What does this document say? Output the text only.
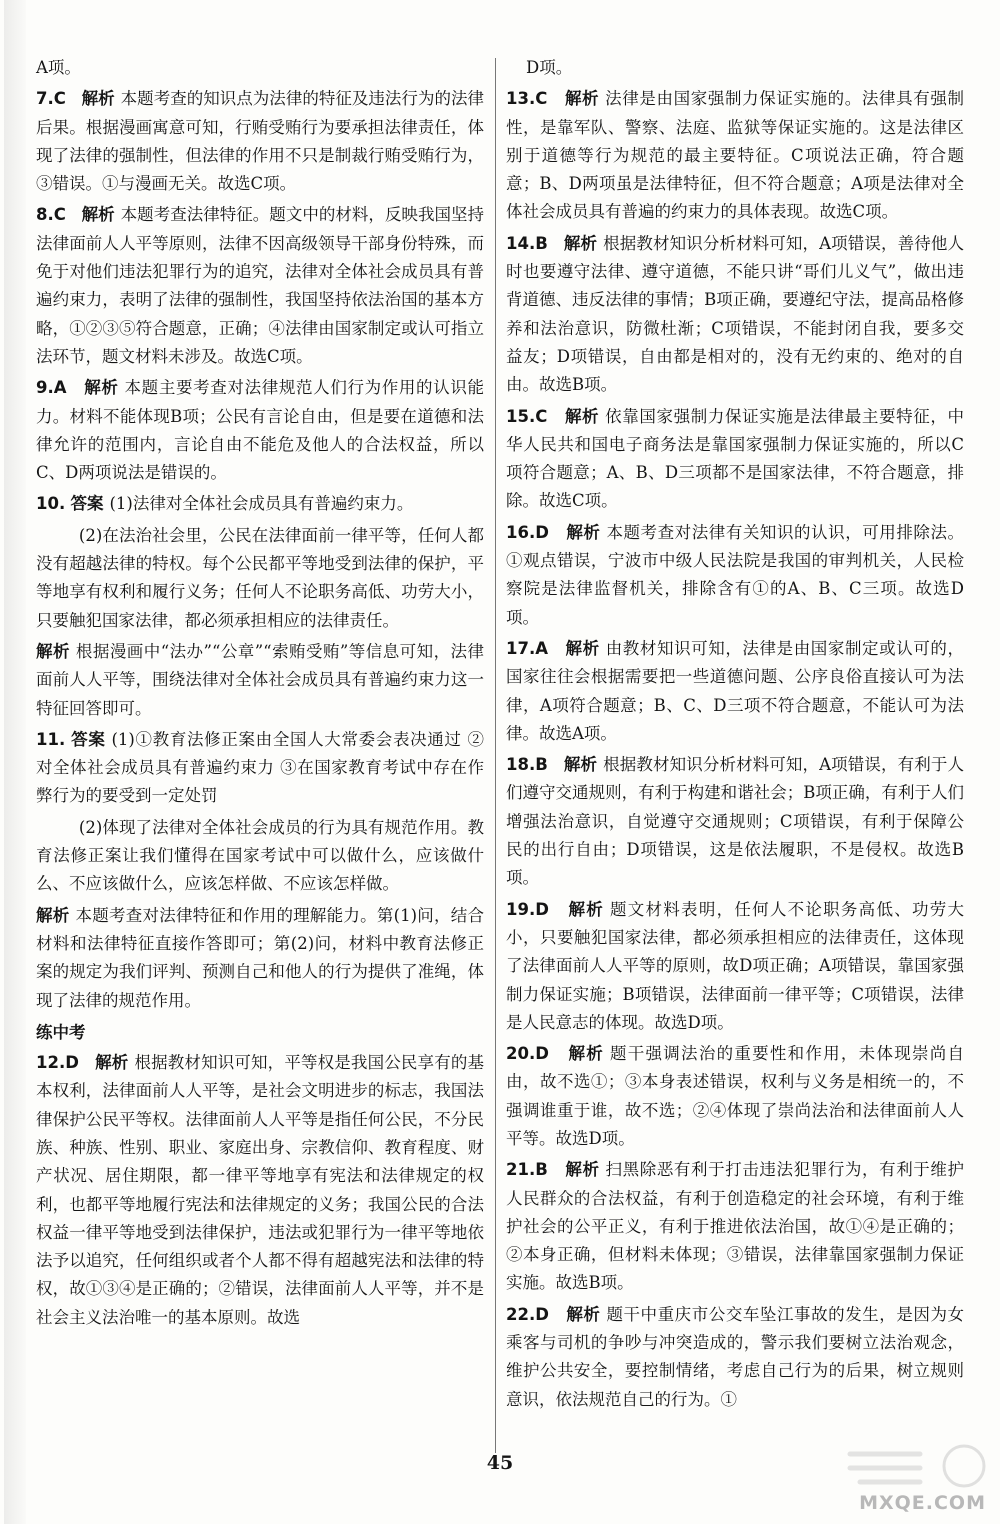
A项。

7.C 解析 本题考查的知识点为法律的特征及违法行为的法律后果。根据漫画寓意可知，行贿受贿行为要承担法律责任，体现了法律的强制性，但法律的作用不只是制裁行贿受贿行为，③错误。①与漫画无关。故选C项。

8.C 解析 本题考查法律特征。题文中的材料，反映我国坚持法律面前人人平等原则，法律不因高级领导干部身份特殊，而免于对他们违法犯罪行为的追究，法律对全体社会成员具有普遍约束力，表明了法律的强制性，我国坚持依法治国的基本方略，①②③⑤符合题意，正确；④法律由国家制定或认可指立法环节，题文材料未涉及。故选C项。

9.A 解析 本题主要考查对法律规范人们行为作用的认识能力。材料不能体现B项；公民有言论自由，但是要在道德和法律允许的范围内，言论自由不能危及他人的合法权益，所以C、D两项说法是错误的。

10. 答案 (1)法律对全体社会成员具有普遍约束力。

(2)在法治社会里，公民在法律面前一律平等，任何人都没有超越法律的特权。每个公民都平等地受到法律的保护，平等地享有权利和履行义务；任何人不论职务高低、功劳大小，只要触犯国家法律，都必须承担相应的法律责任。

解析 根据漫画中“法办”“公章”“索贿受贿”等信息可知，法律面前人人平等，围绕法律对全体社会成员具有普遍约束力这一特征回答即可。

11. 答案 (1)①教育法修正案由全国人大常委会表决通过 ②对全体社会成员具有普遍约束力 ③在国家教育考试中存在作弊行为的要受到一定处罚

(2)体现了法律对全体社会成员的行为具有规范作用。教育法修正案让我们懂得在国家考试中可以做什么，应该做什么、不应该做什么，应该怎样做、不应该怎样做。

解析 本题考查对法律特征和作用的理解能力。第(1)问，结合材料和法律特征直接作答即可；第(2)问，材料中教育法修正案的规定为我们评判、预测自己和他人的行为提供了准绳，体现了法律的规范作用。

练中考

12.D 解析 根据教材知识可知，平等权是我国公民享有的基本权利，法律面前人人平等，是社会文明进步的标志，我国法律保护公民平等权。法律面前人人平等是指任何公民，不分民族、种族、性别、职业、家庭出身、宗教信仰、教育程度、财产状况、居住期限，都一律平等地享有宪法和法律规定的权利，也都平等地履行宪法和法律规定的义务；我国公民的合法权益一律平等地受到法律保护，违法或犯罪行为一律平等地依法予以追究，任何组织或者个人都不得有超越宪法和法律的特权，故①③④是正确的；②错误，法律面前人人平等，并不是社会主义法治唯一的基本原则。故选

D项。

13.C 解析 法律是由国家强制力保证实施的。法律具有强制性，是靠军队、警察、法庭、监狱等保证实施的。这是法律区别于道德等行为规范的最主要特征。C项说法正确，符合题意；B、D两项虽是法律特征，但不符合题意；A项是法律对全体社会成员具有普遍的约束力的具体表现。故选C项。

14.B 解析 根据教材知识分析材料可知，A项错误，善待他人时也要遵守法律、遵守道德，不能只讲“哥们儿义气”，做出违背道德、违反法律的事情；B项正确，要遵纪守法，提高品格修养和法治意识，防微杜渐；C项错误，不能封闭自我，要多交益友；D项错误，自由都是相对的，没有无约束的、绝对的自由。故选B项。

15.C 解析 依靠国家强制力保证实施是法律最主要特征，中华人民共和国电子商务法是靠国家强制力保证实施的，所以C项符合题意；A、B、D三项都不是国家法律，不符合题意，排除。故选C项。

16.D 解析 本题考查对法律有关知识的认识，可用排除法。①观点错误，宁波市中级人民法院是我国的审判机关，人民检察院是法律监督机关，排除含有①的A、B、C三项。故选D项。

17.A 解析 由教材知识可知，法律是由国家制定或认可的，国家往往会根据需要把一些道德问题、公序良俗直接认可为法律，A项符合题意；B、C、D三项不符合题意，不能认可为法律。故选A项。

18.B 解析 根据教材知识分析材料可知，A项错误，有利于人们遵守交通规则，有利于构建和谐社会；B项正确，有利于人们增强法治意识，自觉遵守交通规则；C项错误，有利于保障公民的出行自由；D项错误，这是依法履职，不是侵权。故选B项。

19.D 解析 题文材料表明，任何人不论职务高低、功劳大小，只要触犯国家法律，都必须承担相应的法律责任，这体现了法律面前人人平等的原则，故D项正确；A项错误，靠国家强制力保证实施；B项错误，法律面前一律平等；C项错误，法律是人民意志的体现。故选D项。

20.D 解析 题干强调法治的重要性和作用，未体现崇尚自由，故不选①；③本身表述错误，权利与义务是相统一的，不强调谁重于谁，故不选；②④体现了崇尚法治和法律面前人人平等。故选D项。

21.B 解析 扫黑除恶有利于打击违法犯罪行为，有利于维护人民群众的合法权益，有利于创造稳定的社会环境，有利于维护社会的公平正义，有利于推进依法治国，故①④是正确的；②本身正确，但材料未体现；③错误，法律靠国家强制力保证实施。故选B项。

22.D 解析 题干中重庆市公交车坠江事故的发生，是因为女乘客与司机的争吵与冲突造成的，警示我们要树立法治观念，维护公共安全，要控制情绪，考虑自己行为的后果，树立规则意识，依法规范自己的行为。①

45
MXQE.COM
